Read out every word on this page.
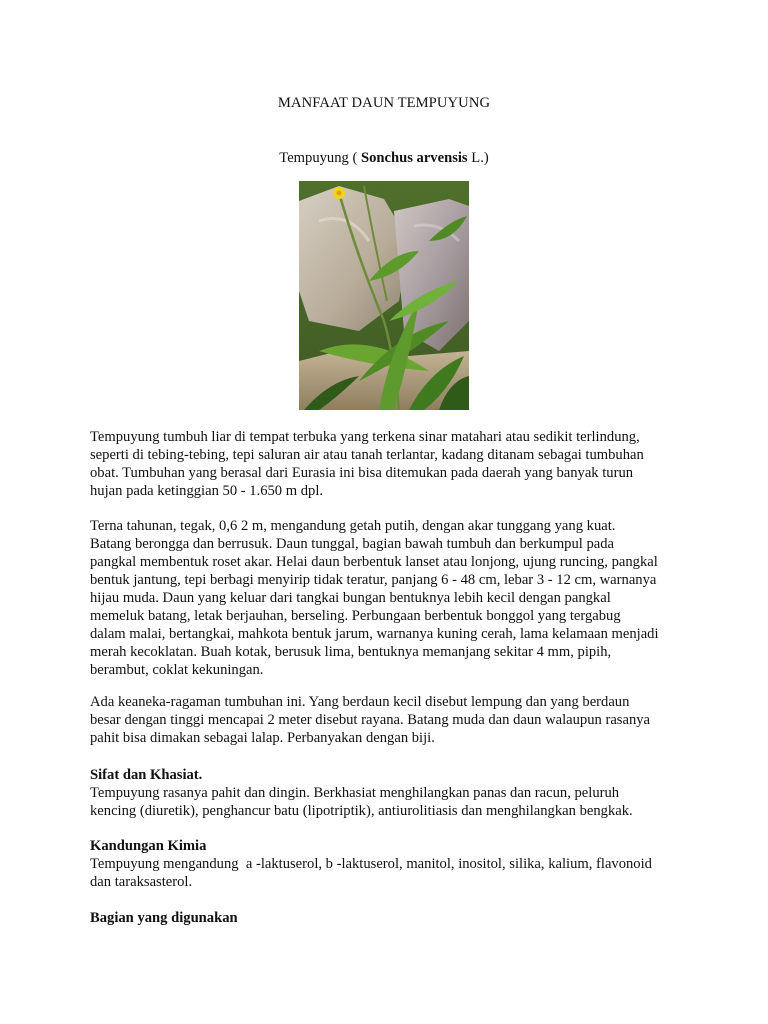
MANFAAT DAUN TEMPUYUNG
Tempuyung ( Sonchus arvensis L.)

Tempuyung tumbuh liar di tempat terbuka yang terkena sinar matahari atau sedikit terlindung,

seperti di tebing-tebing, tepi saluran air atau tanah terlantar, kadang ditanam sebagai tumbuhan

obat. Tumbuhan yang berasal dari Eurasia ini bisa ditemukan pada daerah yang banyak turun

hujan pada ketinggian 50 - 1.650 m dpl.

Terna tahunan, tegak, 0,6 2 m, mengandung getah putih, dengan akar tunggang yang kuat.

Batang berongga dan berrusuk. Daun tunggal, bagian bawah tumbuh dan berkumpul pada

pangkal membentuk roset akar. Helai daun berbentuk lanset atau lonjong, ujung runcing, pangkal

bentuk jantung, tepi berbagi menyirip tidak teratur, panjang 6 - 48 cm, lebar 3 - 12 cm, warnanya

hijau muda. Daun yang keluar dari tangkai bungan bentuknya lebih kecil dengan pangkal

memeluk batang, letak berjauhan, berseling. Perbungaan berbentuk bonggol yang tergabug

dalam malai, bertangkai, mahkota bentuk jarum, warnanya kuning cerah, lama kelamaan menjadi

merah kecoklatan. Buah kotak, berusuk lima, bentuknya memanjang sekitar 4 mm, pipih,

berambut, coklat kekuningan.

Ada keaneka-ragaman tumbuhan ini. Yang berdaun kecil disebut lempung dan yang berdaun

besar dengan tinggi mencapai 2 meter disebut rayana. Batang muda dan daun walaupun rasanya

pahit bisa dimakan sebagai lalap. Perbanyakan dengan biji.

Sifat dan Khasiat.

Tempuyung rasanya pahit dan dingin. Berkhasiat menghilangkan panas dan racun, peluruh

kencing (diuretik), penghancur batu (lipotriptik), antiurolitiasis dan menghilangkan bengkak.

Kandungan Kimia

Tempuyung mengandung  a -laktuserol, b -laktuserol, manitol, inositol, silika, kalium, flavonoid

dan taraksasterol.

Bagian yang digunakan
